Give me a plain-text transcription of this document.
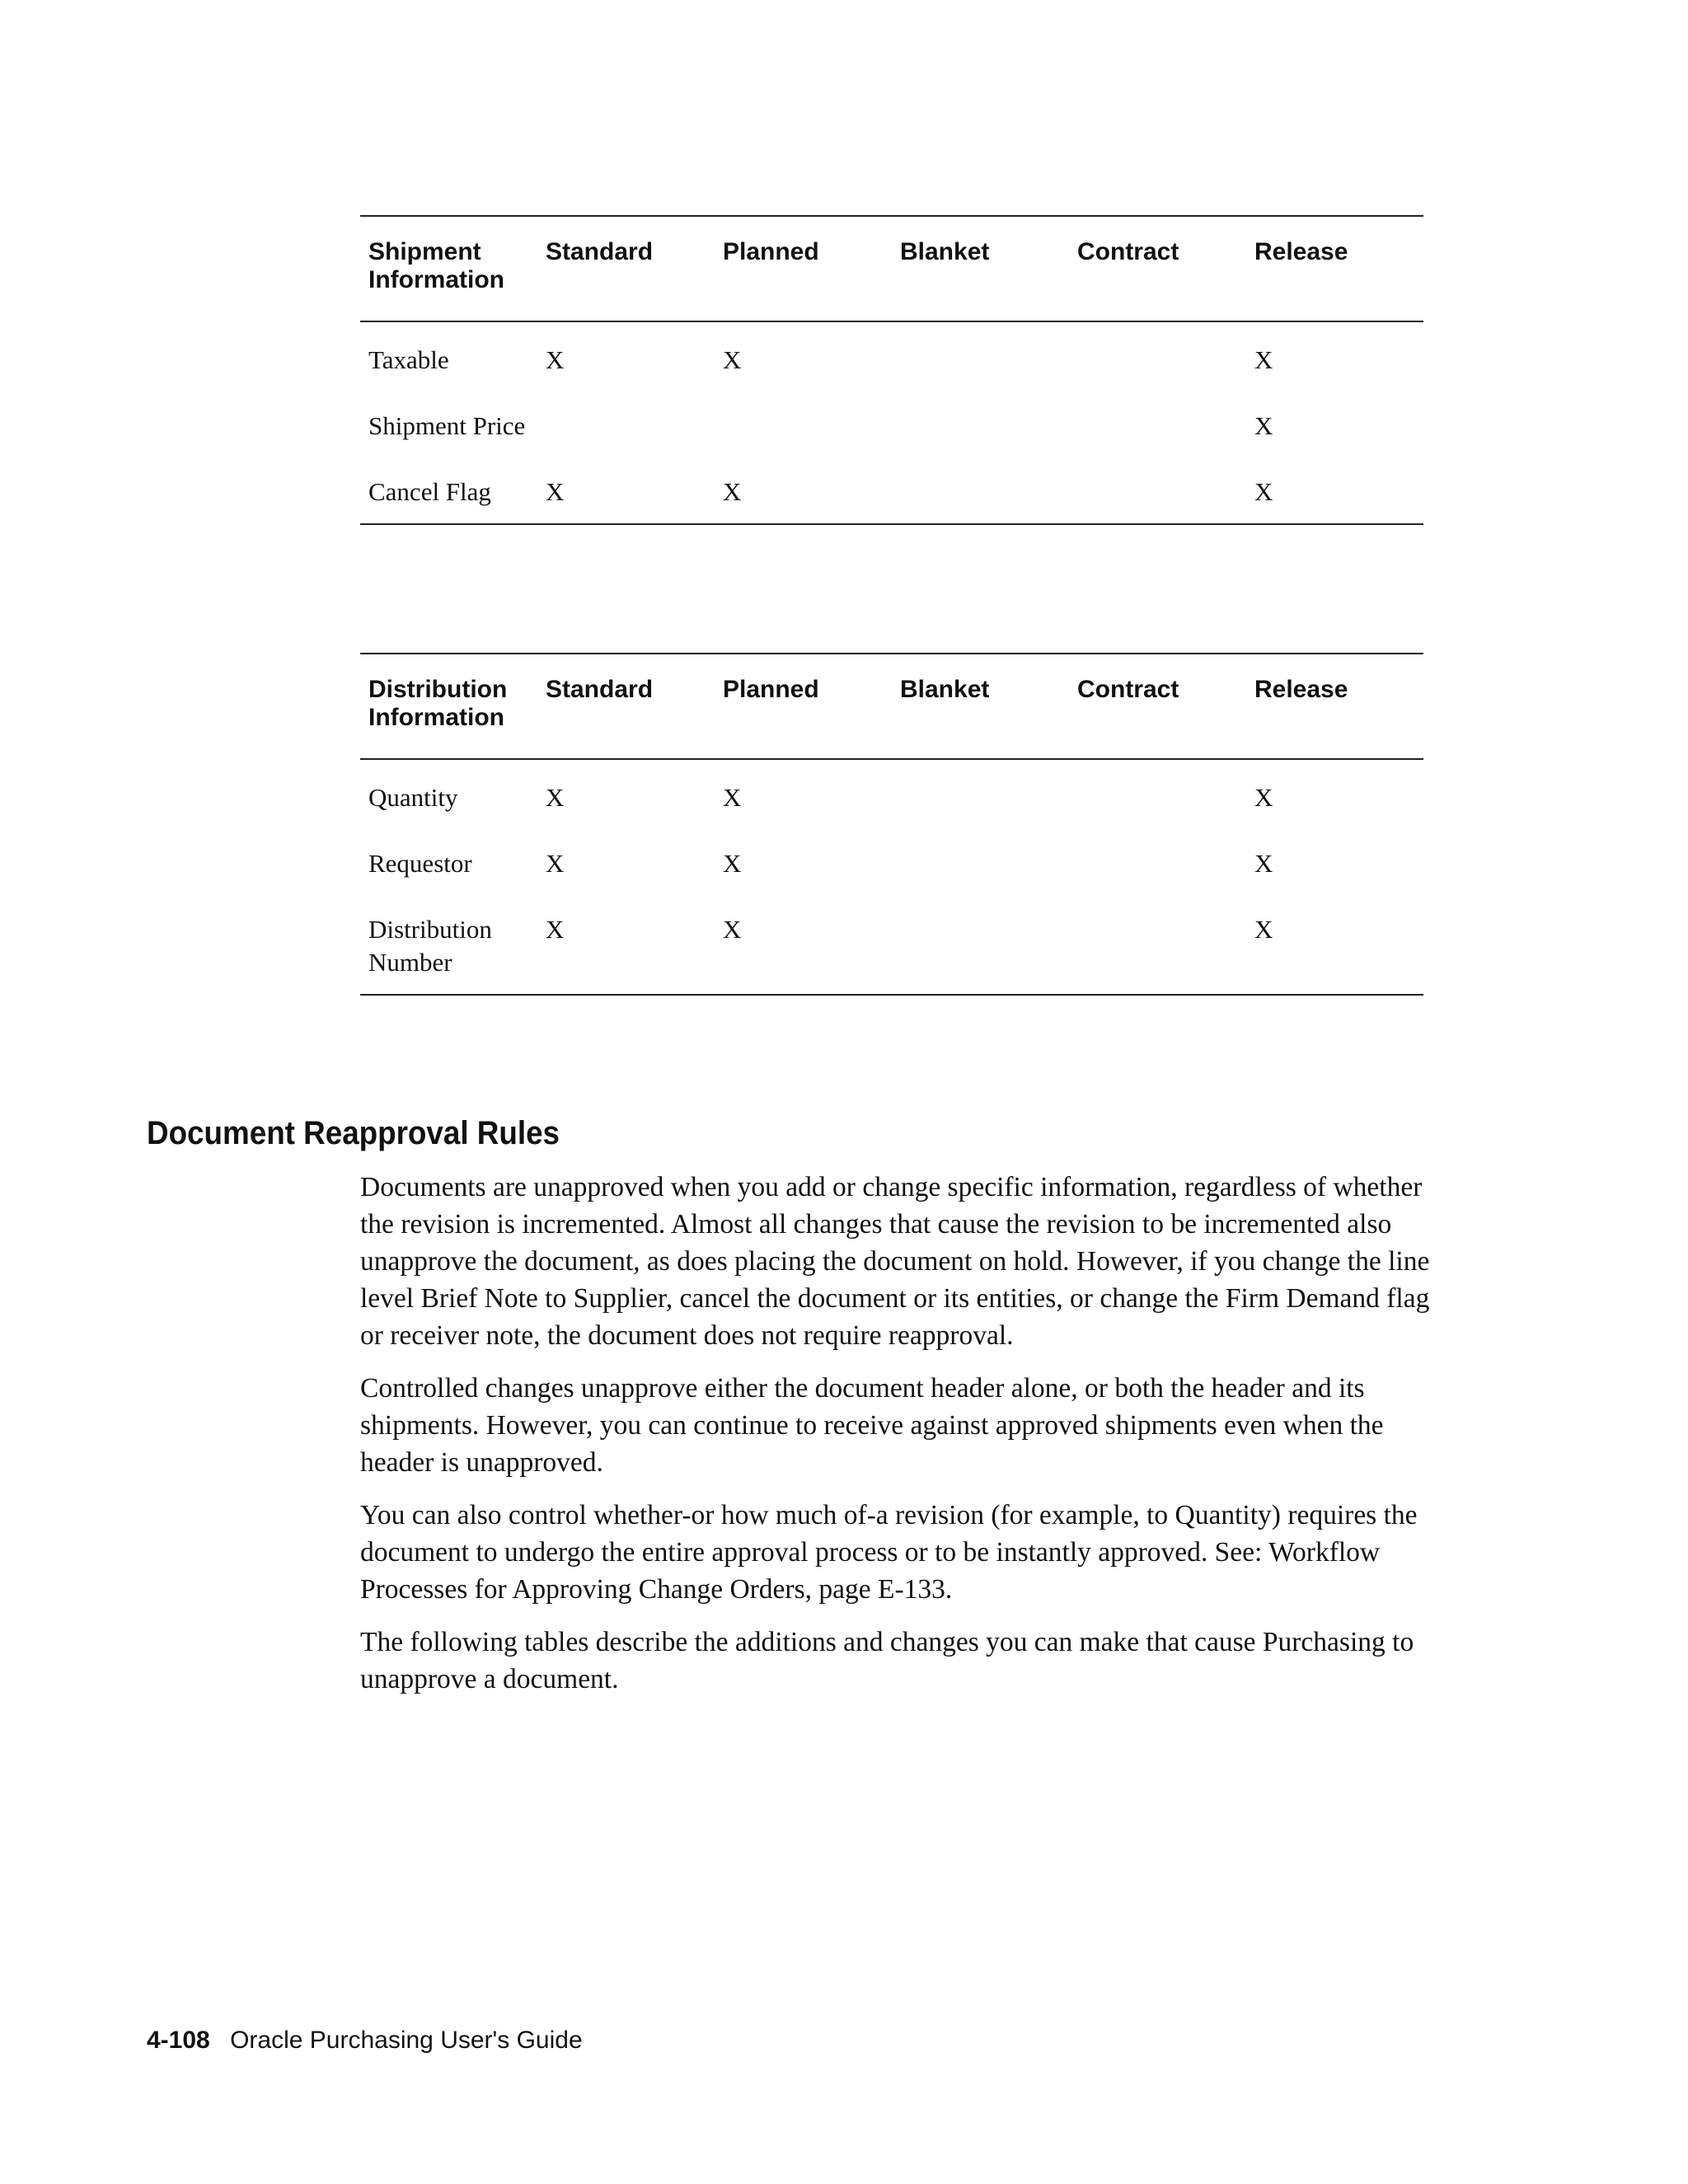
Shipment Information	Standard	Planned	Blanket	Contract	Release
Taxable	X	X			X
Shipment Price					X
Cancel Flag	X	X			X
Distribution Information	Standard	Planned	Blanket	Contract	Release
Quantity	X	X			X
Requestor	X	X			X
Distribution Number	X	X			X
Document Reapproval Rules

Documents are unapproved when you add or change specific information, regardless of whether the revision is incremented. Almost all changes that cause the revision to be incremented also unapprove the document, as does placing the document on hold. However, if you change the line level Brief Note to Supplier, cancel the document or its entities, or change the Firm Demand flag or receiver note, the document does not require reapproval.

Controlled changes unapprove either the document header alone, or both the header and its shipments. However, you can continue to receive against approved shipments even when the header is unapproved.

You can also control whether-or how much of-a revision (for example, to Quantity) requires the document to undergo the entire approval process or to be instantly approved. See: Workflow Processes for Approving Change Orders, page E-133.

The following tables describe the additions and changes you can make that cause Purchasing to unapprove a document.

4-108 Oracle Purchasing User's Guide
